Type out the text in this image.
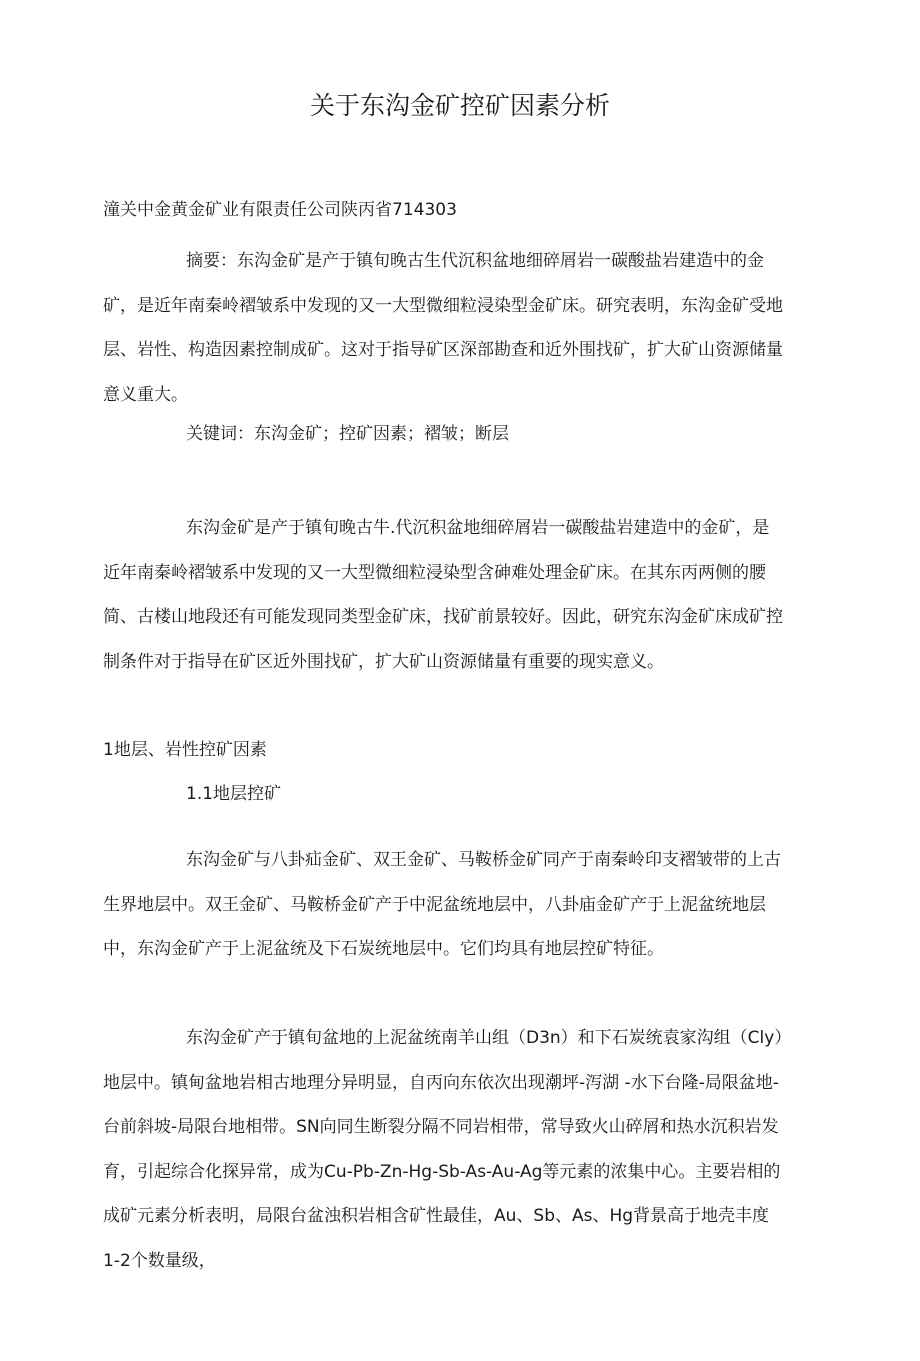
关于东沟金矿控矿因素分析

潼关中金黄金矿业有限责任公司陕丙省714303

摘要：东沟金矿是产于镇旬晚古生代沉积盆地细碎屑岩一碳酸盐岩建造中的金矿，是近年南秦岭褶皱系中发现的又一大型微细粒浸染型金矿床。研究表明，东沟金矿受地层、岩性、构造因素控制成矿。这对于指导矿区深部勘查和近外围找矿，扩大矿山资源储量意义重大。

关键词：东沟金矿；控矿因素；褶皱；断层

东沟金矿是产于镇旬晚古牛.代沉积盆地细碎屑岩一碳酸盐岩建造中的金矿，是近年南秦岭褶皱系中发现的又一大型微细粒浸染型含砷难处理金矿床。在其东丙两侧的腰简、古楼山地段还有可能发现同类型金矿床，找矿前景较好。因此，研究东沟金矿床成矿控制条件对于指导在矿区近外围找矿，扩大矿山资源储量有重要的现实意义。

1地层、岩性控矿因素

1.1地层控矿

东沟金矿与八卦疝金矿、双王金矿、马鞍桥金矿同产于南秦岭印支褶皱带的上古生界地层中。双王金矿、马鞍桥金矿产于中泥盆统地层中，八卦庙金矿产于上泥盆统地层中，东沟金矿产于上泥盆统及下石炭统地层中。它们均具有地层控矿特征。

东沟金矿产于镇旬盆地的上泥盆统南羊山组（D3n）和下石炭统袁家沟组（Cly）地层中。镇甸盆地岩相古地理分异明显，自丙向东依次出现潮坪-泻湖 -水下台隆-局限盆地-台前斜坡-局限台地相带。SN向同生断裂分隔不同岩相带，常导致火山碎屑和热水沉积岩发育，引起综合化探异常，成为Cu-Pb-Zn-Hg-Sb-As-Au-Ag等元素的浓集中心。主要岩相的成矿元素分析表明，局限台盆浊积岩相含矿性最佳，Au、Sb、As、Hg背景高于地壳丰度1-2个数量级，
